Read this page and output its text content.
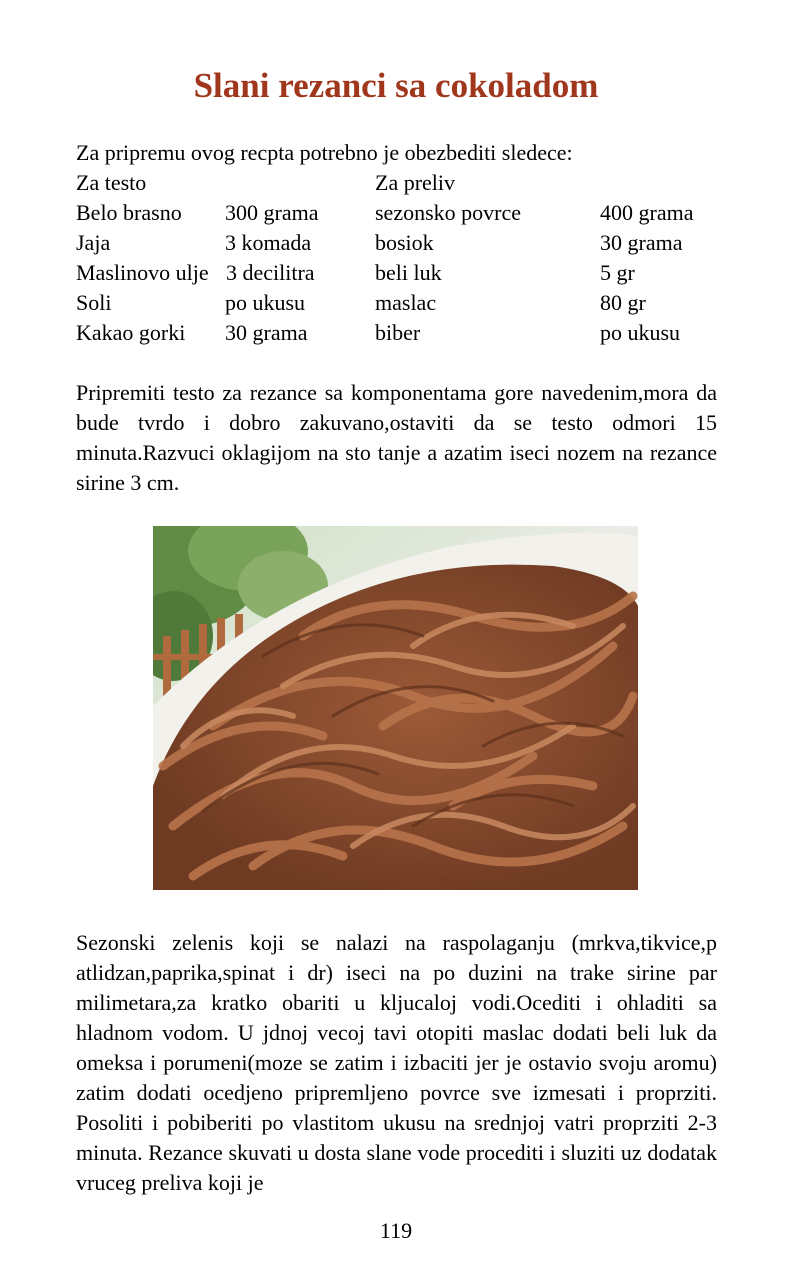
Slani rezanci sa cokoladom
Za pripremu ovog recpta potrebno je obezbediti sledece:
Za testo	Za preliv
Belo brasno 300 grama	sezonsko povrce	400 grama
Jaja	3 komada	bosiok	30 grama
Maslinovo ulje 3 decilitra	beli luk	5 gr
Soli	po ukusu	maslac	80 gr
Kakao gorki 30 grama	biber	po ukusu

Pripremiti testo za rezance sa komponentama gore navedenim,mora da bude tvrdo i dobro zakuvano,ostaviti da se testo odmori 15 minuta.Razvuci oklagijom na sto tanje a azatim iseci nozem na rezance sirine 3 cm.

Sezonski zelenis koji se nalazi na raspolaganju (mrkva,tikvice,p atlidzan,paprika,spinat i dr) iseci na po duzini na trake sirine par milimetara,za kratko obariti u kljucaloj vodi.Ocediti i ohladiti sa hladnom vodom. U jdnoj vecoj tavi otopiti maslac dodati beli luk da omeksa i porumeni(moze se zatim i izbaciti jer je ostavio svoju aromu) zatim dodati ocedjeno pripremljeno povrce sve izmesati i proprziti. Posoliti i pobiberiti po vlastitom ukusu na srednjoj vatri proprziti 2-3 minuta. Rezance skuvati u dosta slane vode procediti i sluziti uz dodatak vruceg preliva koji je

119
